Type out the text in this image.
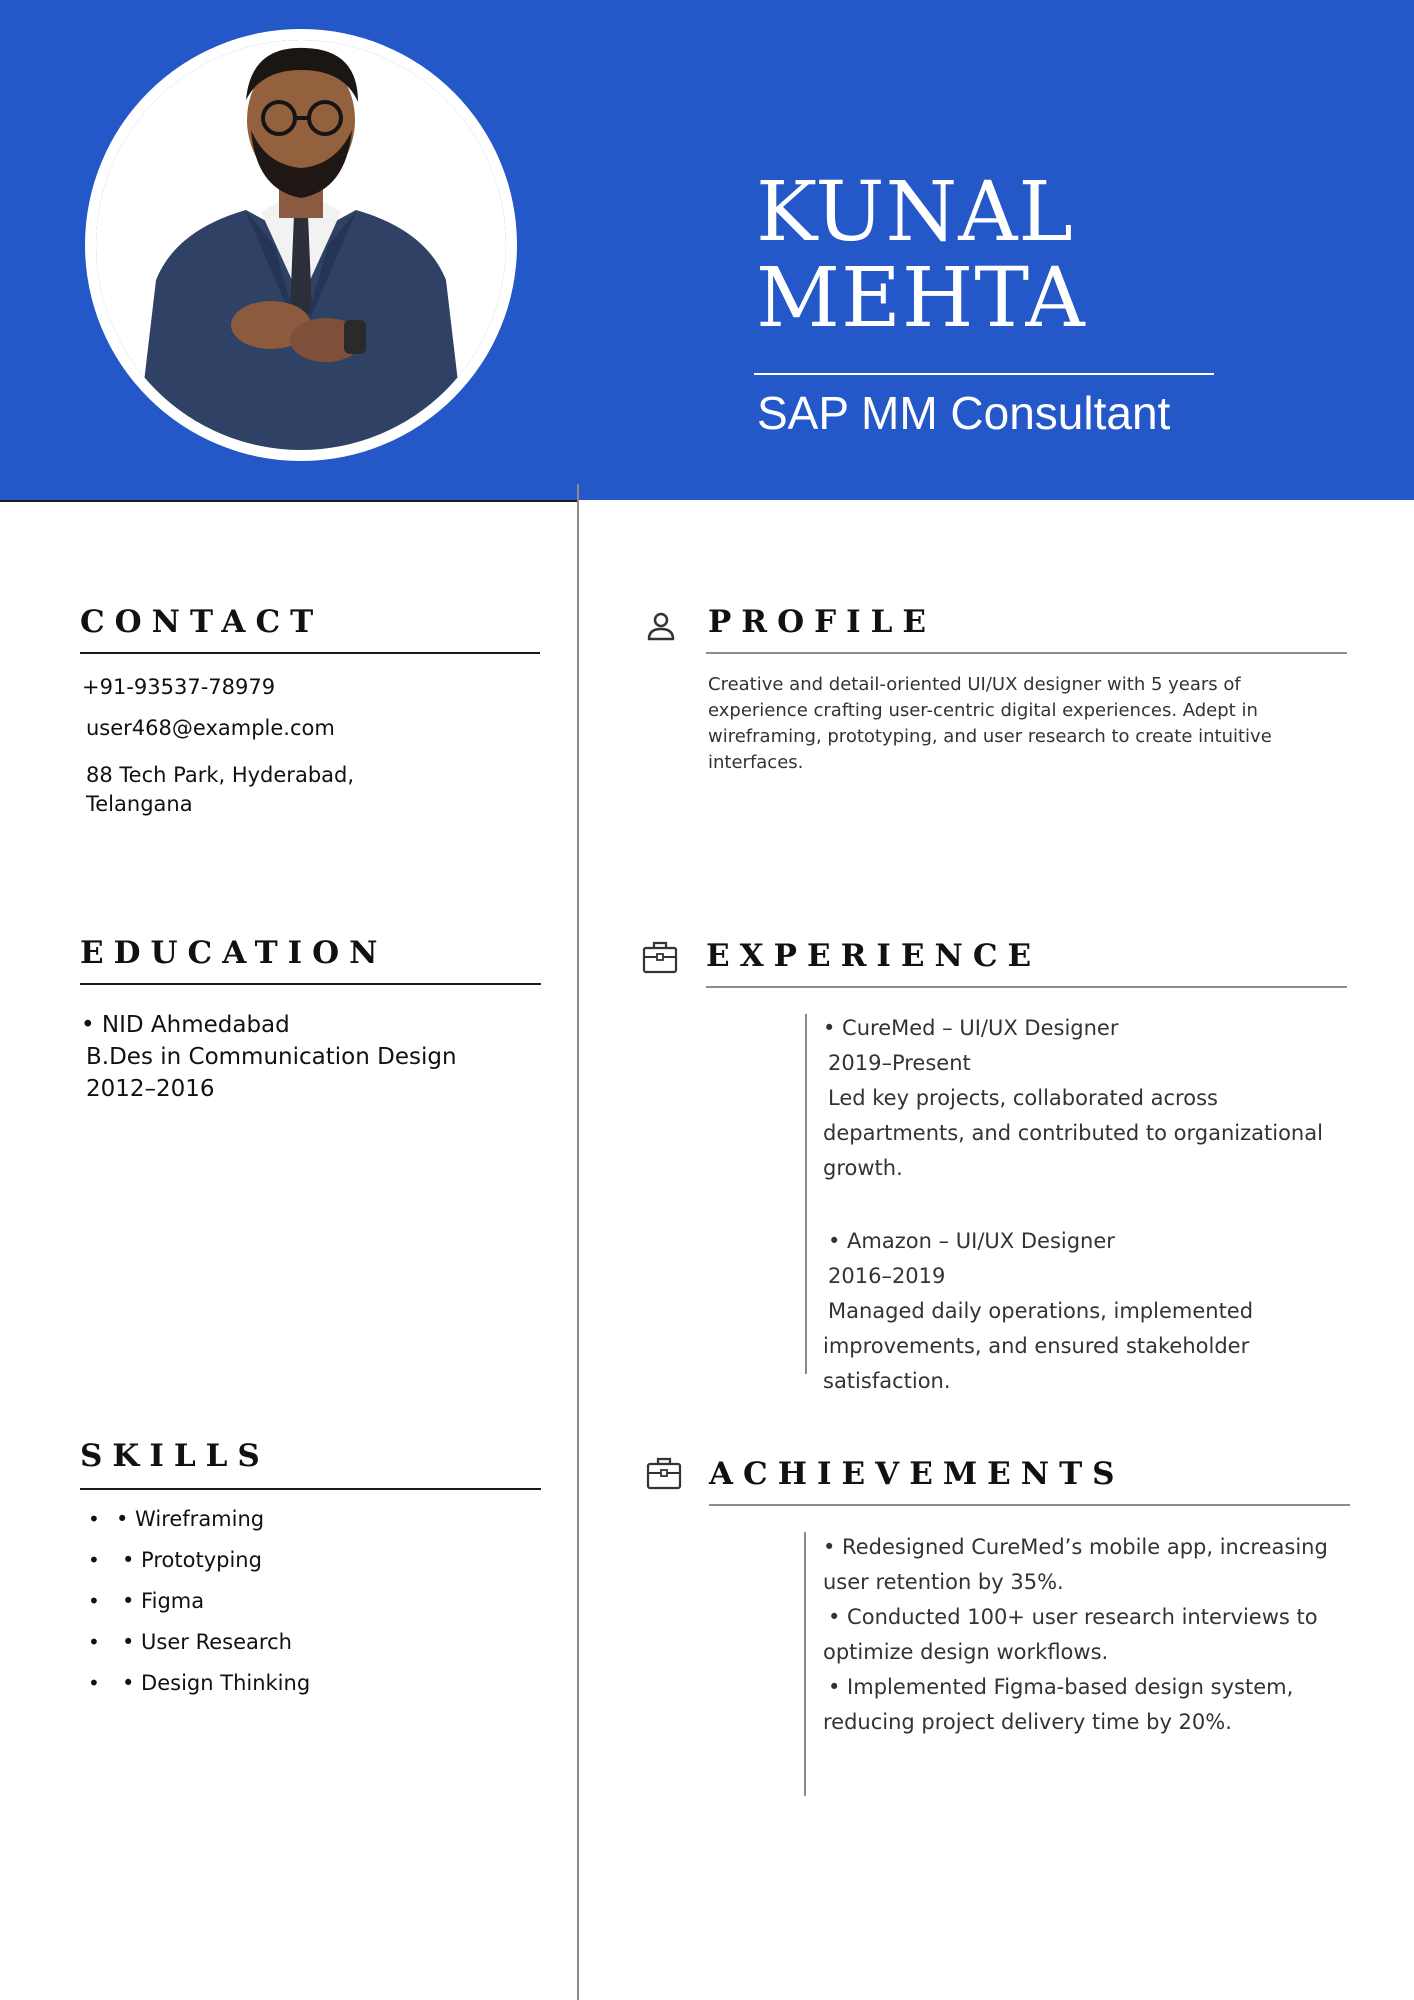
KUNAL
MEHTA
SAP MM Consultant
CONTACT
+91-93537-78979
user468@example.com
88 Tech Park, Hyderabad,
Telangana
EDUCATION
• NID Ahmedabad
B.Des in Communication Design
2012–2016
SKILLS
• • Wireframing
• • Prototyping
• • Figma
• • User Research
• • Design Thinking
PROFILE
Creative and detail-oriented UI/UX designer with 5 years of experience crafting user-centric digital experiences. Adept in wireframing, prototyping, and user research to create intuitive interfaces.
EXPERIENCE
• CureMed – UI/UX Designer
2019–Present
Led key projects, collaborated across departments, and contributed to organizational growth.
• Amazon – UI/UX Designer
2016–2019
Managed daily operations, implemented improvements, and ensured stakeholder satisfaction.
ACHIEVEMENTS
• Redesigned CureMed’s mobile app, increasing user retention by 35%.
• Conducted 100+ user research interviews to optimize design workflows.
• Implemented Figma-based design system, reducing project delivery time by 20%.
